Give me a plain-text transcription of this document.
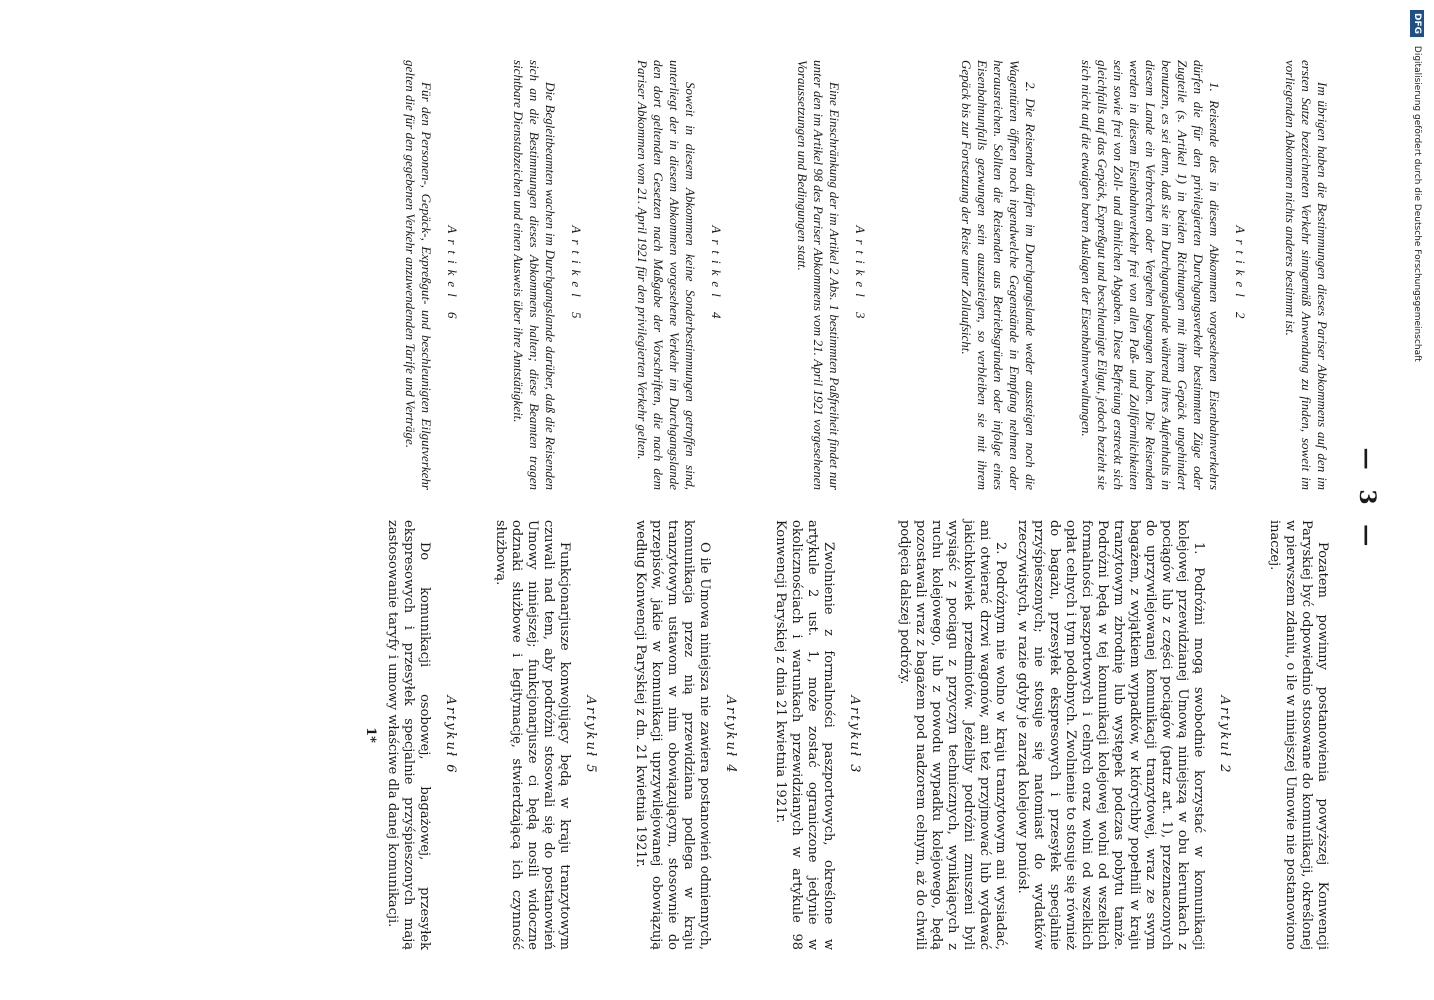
— 3 —

Im übrigen haben die Bestimmungen dieses Pariser Abkommens auf den im ersten Satze bezeichneten Verkehr sinngemäß Anwendung zu finden, soweit im vorliegenden Abkommen nichts anderes bestimmt ist.

Artikel 2

1. Reisende des in diesem Abkommen vorgesehenen Eisenbahnverkehrs dürfen die für den privilegierten Durchgangsverkehr bestimmten Züge oder Zugteile (s. Artikel 1) in beiden Richtungen mit ihrem Gepäck ungehindert benutzen, es sei denn, daß sie im Durchgangslande während ihres Aufenthalts in diesem Lande ein Verbrechen oder Vergehen begangen haben. Die Reisenden werden in diesem Eisenbahnverkehr frei von allen Paß- und Zollförmlichkeiten sein sowie frei von Zoll- und ähnlichen Abgaben. Diese Befreiung erstreckt sich gleichfalls auf das Gepäck, Expreßgut und beschleunigte Eilgut, jedoch bezieht sie sich nicht auf die etwaigen baren Auslagen der Eisenbahnverwaltungen.

2. Die Reisenden dürfen im Durchgangslande weder aussteigen noch die Wagentüren öffnen noch irgendwelche Gegenstände in Empfang nehmen oder herausreichen. Sollten die Reisenden aus Betriebsgründen oder infolge eines Eisenbahnunfalls gezwungen sein auszusteigen, so verbleiben sie mit ihrem Gepäck bis zur Fortsetzung der Reise unter Zollaufsicht.

Artikel 3

Eine Einschränkung der im Artikel 2 Abs. 1 bestimmten Paßfreiheit findet nur unter den im Artikel 98 des Pariser Abkommens vom 21. April 1921 vorgesehenen Voraussetzungen und Bedingungen statt.

Artikel 4

Soweit in diesem Abkommen keine Sonderbestimmungen getroffen sind, unterliegt der in diesem Abkommen vorgesehene Verkehr im Durchgangslande den dort geltenden Gesetzen nach Maßgabe der Vorschriften, die nach dem Pariser Abkommen vom 21. April 1921 für den privilegierten Verkehr gelten.

Artikel 5

Die Begleitbeamten wachen im Durchgangslande darüber, daß die Reisenden sich an die Bestimmungen dieses Abkommens halten; diese Beamten tragen sichtbare Dienstabzeichen und einen Ausweis über ihre Amtstätigkeit.

Artikel 6

Für den Personen-, Gepäck-, Expreßgut- und beschleunigten Eilgutverkehr gelten die für den gegebenen Verkehr anzuwendenden Tarife und Verträge.

Pozatem powinny postanowienia powyższej Konwencji Paryskiej być odpowiednio stosowane do komunikacji, określonej w pierwszem zdaniu, o ile w niniejszej Umowie nie postanowiono inaczej.

Artykuł 2

1. Podróżni mogą swobodnie korzystać w komunikacji kolejowej przewidzianej Umową niniejszą w obu kierunkach z pociągów lub z części pociągów (patrz art. 1), przeznaczonych do uprzywilejowanej komunikacji tranzytowej, wraz ze swym bagażem, z wyjątkiem wypadków, w którychby popełnili w kraju tranzytowym zbrodnię lub występek podczas pobytu tamże. Podróżni będą w tej komunikacji kolejowej wolni od wszelkich formalności paszportowych i celnych oraz wolni od wszelkich opłat celnych i tym podobnych. Zwolnienie to stosuje się również do bagażu, przesyłek ekspresowych i przesyłek specjalnie przyśpieszonych; nie stosuje się natomiast do wydatków rzeczywistych, w razie gdyby je zarząd kolejowy poniósł.

2. Podróżnym nie wolno w kraju tranzytowym ani wysiadać, ani otwierać drzwi wagonów, ani też przyjmować lub wydawać jakichkolwiek przedmiotów. Jeżeliby podróżni zmuszeni byli wysiąść z pociągu z przyczyn technicznych, wynikających z ruchu kolejowego, lub z powodu wypadku kolejowego, będą pozostawali wraz z bagażem pod nadzorem celnym, aż do chwili podjęcia dalszej podróży.

Artykuł 3

Zwolnienie z formalności paszportowych, określone w artykule 2 ust. 1, może zostać ograniczone jedynie w okolicznościach i warunkach przewidzianych w artykule 98 Konwencji Paryskiej z dnia 21 kwietnia 1921r.

Artykuł 4

O ile Umowa niniejsza nie zawiera postanowień odmiennych, komunikacja przez nią przewidziana podlega w kraju tranzytowym ustawom w nim obowiązującym, stosownie do przepisów, jakie w komunikacji uprzywilejowanej obowiązują według Konwencji Paryskiej z dn. 21 kwietnia 1921r.

Artykuł 5

Funkcjonarjusze konwojujący będą w kraju tranzytowym czuwali nad tem, aby podróżni stosowali się do postanowień Umowy niniejszej; funkcjonarjusze ci będą nosili widoczne odznaki służbowe i legitymację, stwierdzającą ich czynność służbową.

Artykuł 6

Do komunikacji osobowej, bagażowej, przesyłek ekspresowych i przesyłek specjalnie przyśpieszonych mają zastosowanie taryfy i umowy właściwe dla danej komunikacji.

1*
DFG Digitalisierung gefördert durch die Deutsche Forschungsgemeinschaft
